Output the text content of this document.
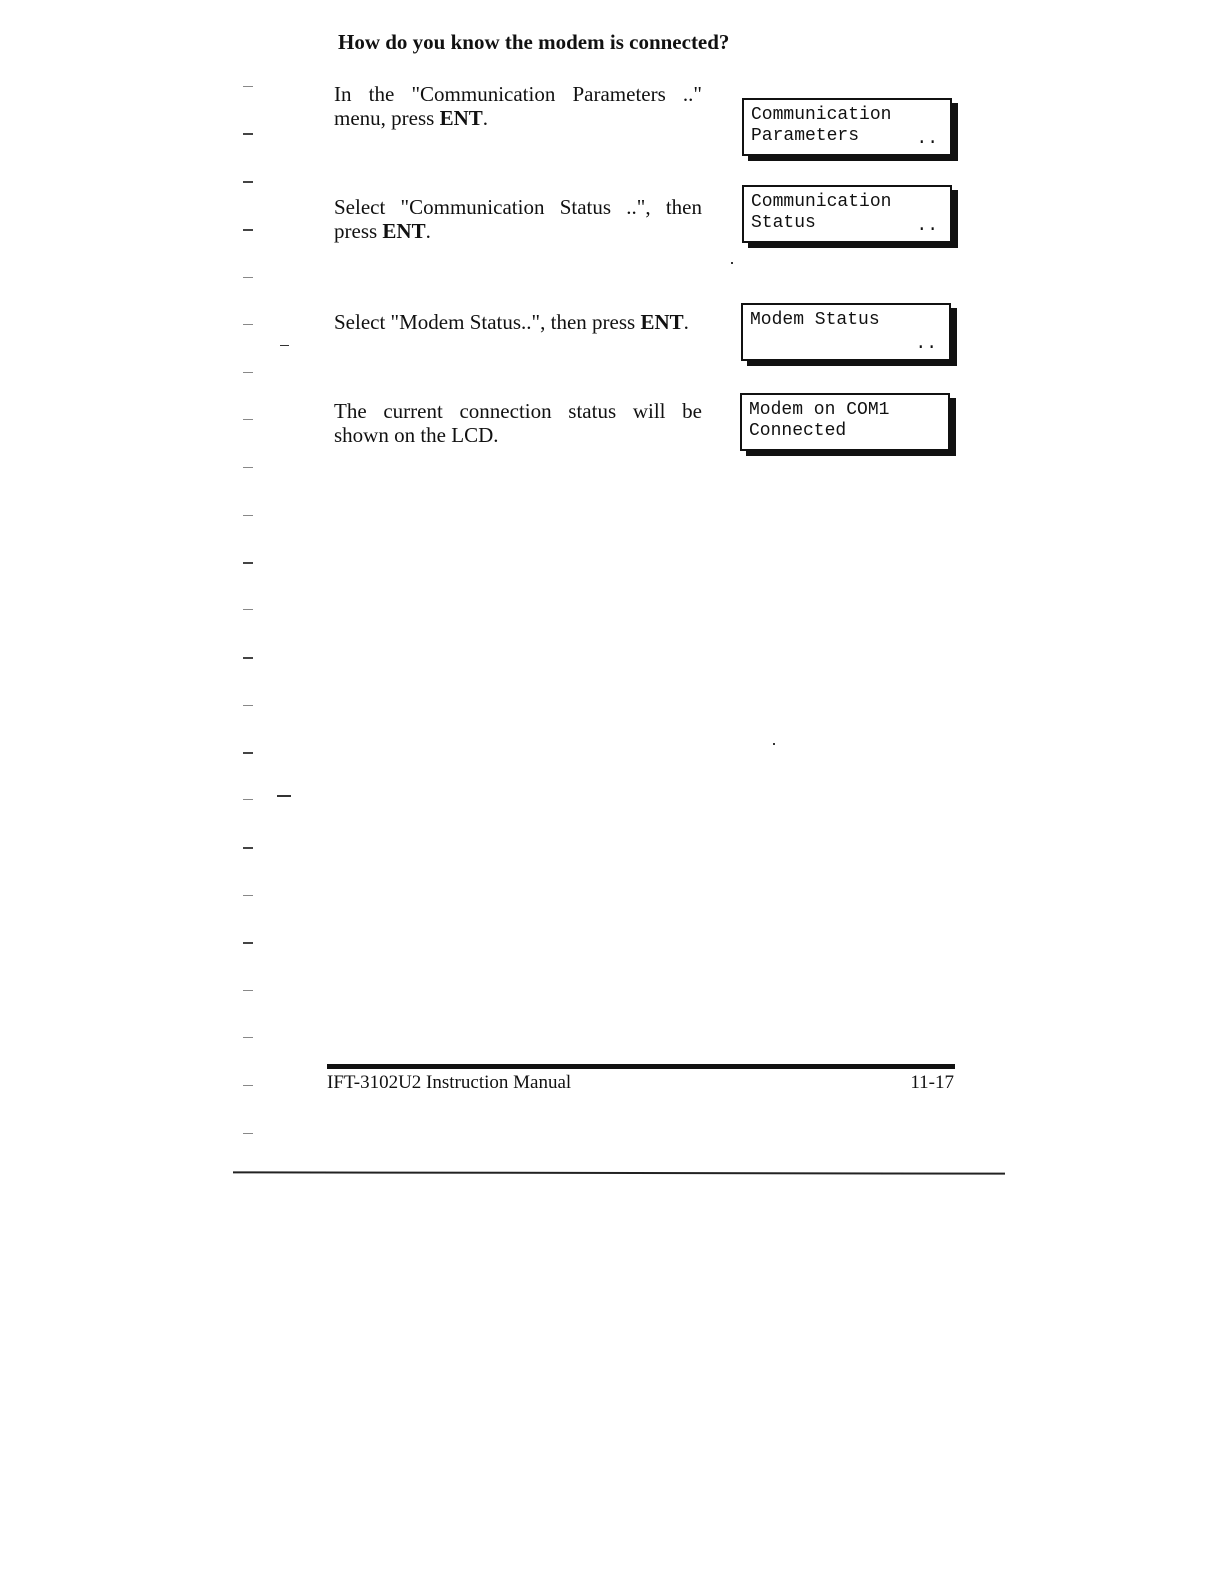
How do you know the modem is connected?
In the "Communication Parameters .." menu, press ENT.	Communication
Parameters	..
Select "Communication Status ..", then press ENT.
Communication
Status	..
Select "Modem Status..", then press ENT.	Modem Status
..
The current connection status will be shown on the LCD.
Modem on COM1
Connected
IFT-3102U2 Instruction Manual	11-17
